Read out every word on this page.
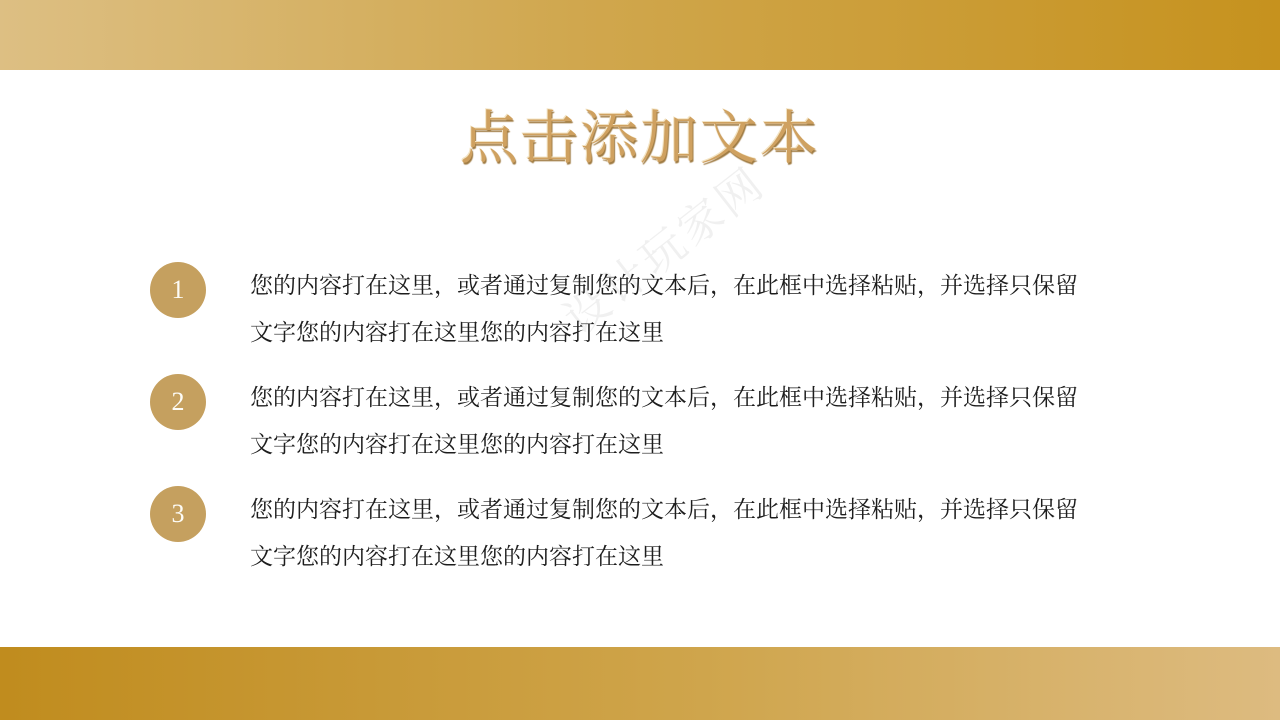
点击添加文本
设计玩家网
1	您的内容打在这里，或者通过复制您的文本后，在此框中选择粘贴，并选择只保留
文字您的内容打在这里您的内容打在这里
2	您的内容打在这里，或者通过复制您的文本后，在此框中选择粘贴，并选择只保留
文字您的内容打在这里您的内容打在这里
3	您的内容打在这里，或者通过复制您的文本后，在此框中选择粘贴，并选择只保留
文字您的内容打在这里您的内容打在这里
